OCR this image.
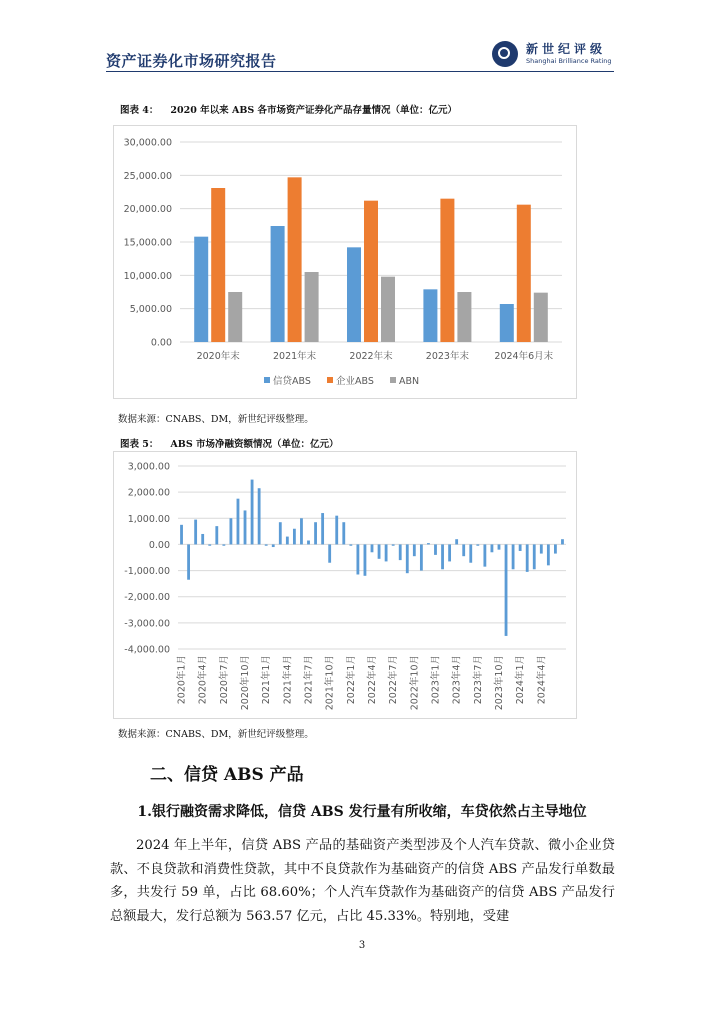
资产证券化市场研究报告
新世纪评级
Shanghai Brilliance Rating
图表 4： 2020 年以来 ABS 各市场资产证券化产品存量情况（单位：亿元）
30,000.00
25,000.00
20,000.00
15,000.00
10,000.00
5,000.00
0.00
2020年末	2021年末	2022年末	2023年末	2024年6月末
信贷ABS	企业ABS	ABN
数据来源：CNABS、DM，新世纪评级整理。
图表 5： ABS 市场净融资额情况（单位：亿元）
3,000.00
2,000.00
1,000.00
0.00
-1,000.00
-2,000.00
-3,000.00
-4,000.00
2020年1月 2020年4月 2020年7月 2020年10月 2021年1月 2021年4月 2021年7月 2021年10月 2022年1月 2022年4月 2022年7月 2022年10月 2023年1月 2023年4月 2023年7月 2023年10月 2024年1月 2024年4月
数据来源：CNABS、DM，新世纪评级整理。
二、信贷 ABS 产品
1.银行融资需求降低，信贷 ABS 发行量有所收缩，车贷依然占主导地位
2024 年上半年，信贷 ABS 产品的基础资产类型涉及个人汽车贷款、微小企业贷款、不良贷款和消费性贷款，其中不良贷款作为基础资产的信贷 ABS 产品发行单数最多，共发行 59 单，占比 68.60%；个人汽车贷款作为基础资产的信贷 ABS 产品发行总额最大，发行总额为 563.57 亿元，占比 45.33%。特别地，受建
3
